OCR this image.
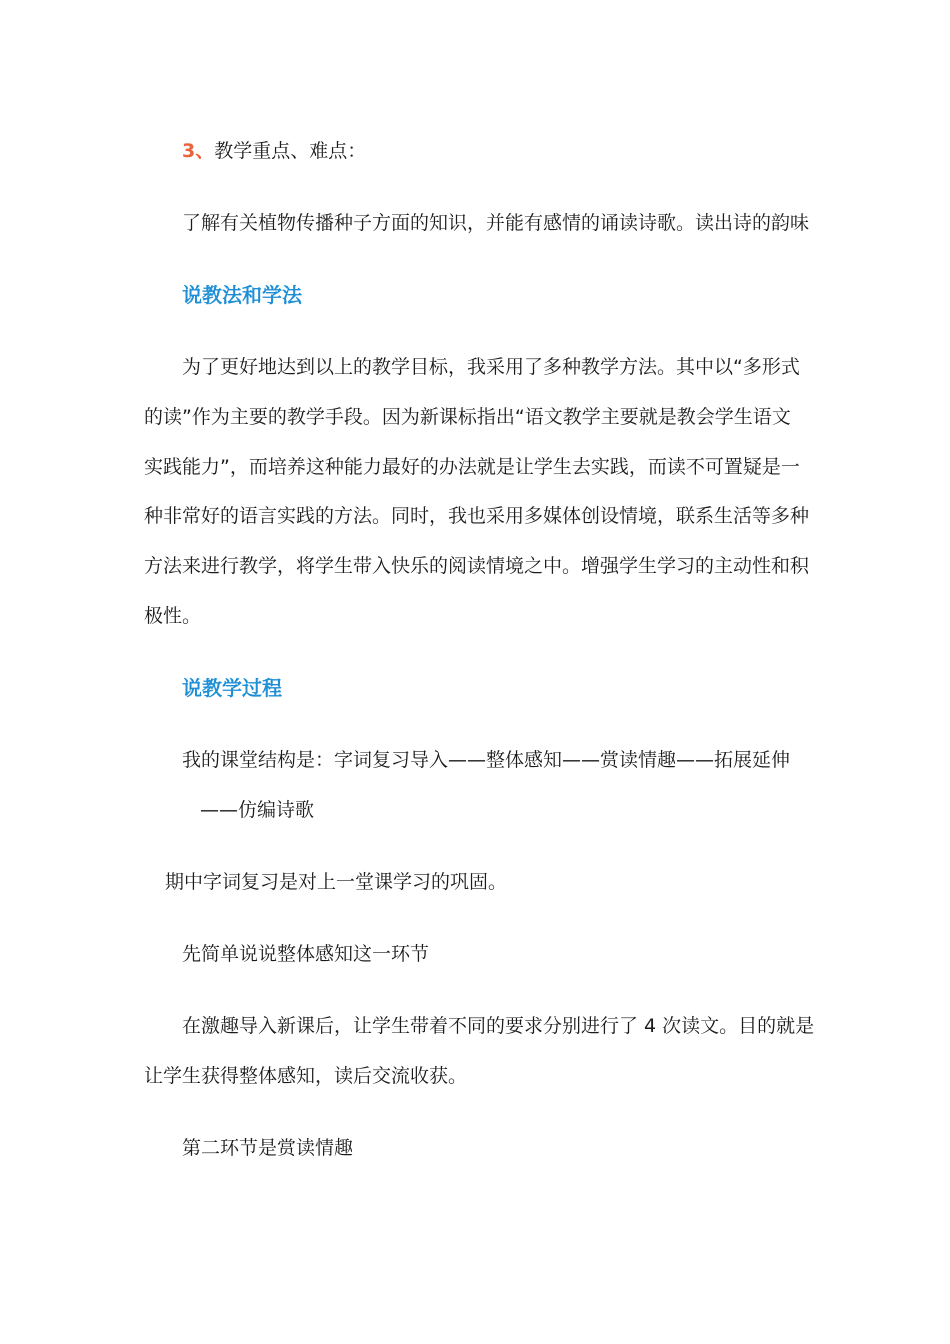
3、教学重点、难点：
了解有关植物传播种子方面的知识，并能有感情的诵读诗歌。读出诗的韵味
说教法和学法
为了更好地达到以上的教学目标，我采用了多种教学方法。其中以“多形式
的读”作为主要的教学手段。因为新课标指出“语文教学主要就是教会学生语文
实践能力”，而培养这种能力最好的办法就是让学生去实践，而读不可置疑是一
种非常好的语言实践的方法。同时，我也采用多媒体创设情境，联系生活等多种
方法来进行教学，将学生带入快乐的阅读情境之中。增强学生学习的主动性和积
极性。
说教学过程
我的课堂结构是：字词复习导入——整体感知——赏读情趣——拓展延伸
——仿编诗歌
期中字词复习是对上一堂课学习的巩固。
先简单说说整体感知这一环节
在激趣导入新课后，让学生带着不同的要求分别进行了 4 次读文。目的就是
让学生获得整体感知，读后交流收获。
第二环节是赏读情趣
